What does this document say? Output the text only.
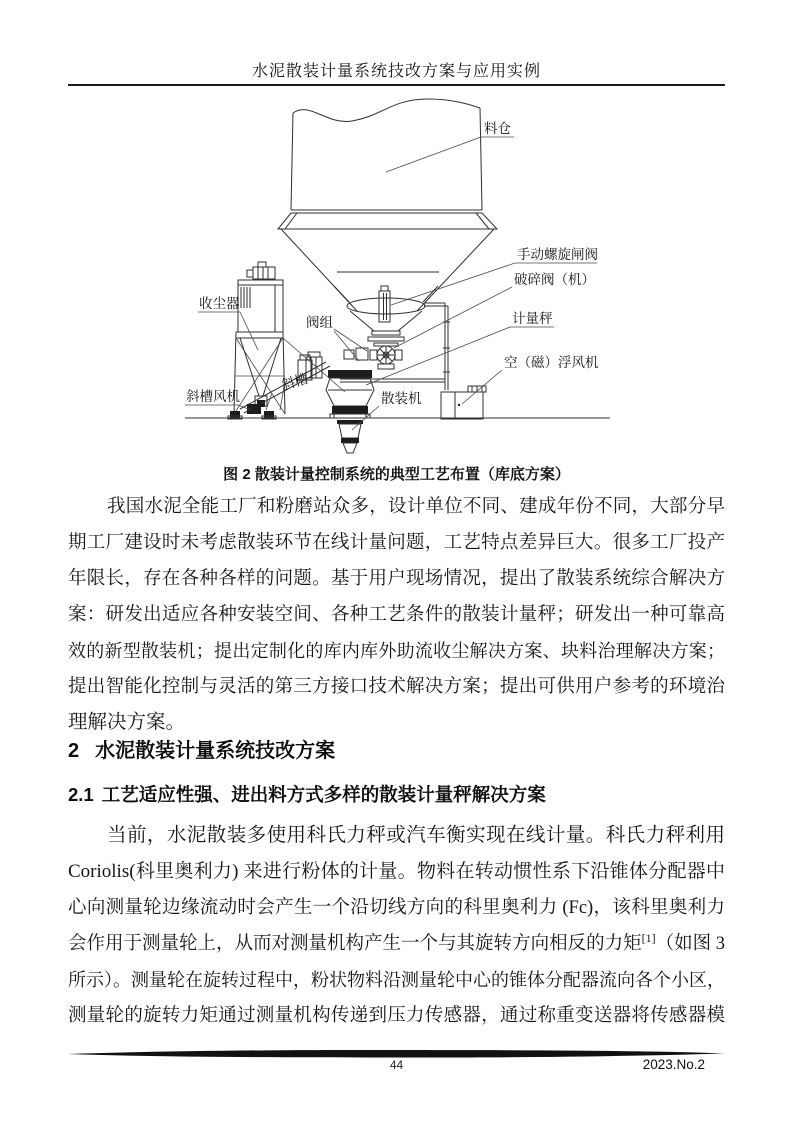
水泥散装计量系统技改方案与应用实例
料仓
手动螺旋闸阀
破碎阀（机）
计量秤
空（磁）浮风机
收尘器
阀组
斜槽风机
斜槽
散装机
图 2 散装计量控制系统的典型工艺布置（库底方案）
我国水泥全能工厂和粉磨站众多，设计单位不同、建成年份不同，大部分早
期工厂建设时未考虑散装环节在线计量问题，工艺特点差异巨大。很多工厂投产
年限长，存在各种各样的问题。基于用户现场情况，提出了散装系统综合解决方
案：研发出适应各种安装空间、各种工艺条件的散装计量秤；研发出一种可靠高
效的新型散装机；提出定制化的库内库外助流收尘解决方案、块料治理解决方案；
提出智能化控制与灵活的第三方接口技术解决方案；提出可供用户参考的环境治
理解决方案。
2 水泥散装计量系统技改方案
2.1 工艺适应性强、进出料方式多样的散装计量秤解决方案
当前，水泥散装多使用科氏力秤或汽车衡实现在线计量。科氏力秤利用
Coriolis(科里奥利力) 来进行粉体的计量。物料在转动惯性系下沿锥体分配器中
心向测量轮边缘流动时会产生一个沿切线方向的科里奥利力 (Fc)，该科里奥利力
会作用于测量轮上，从而对测量机构产生一个与其旋转方向相反的力矩[1]（如图 3
所示）。测量轮在旋转过程中，粉状物料沿测量轮中心的锥体分配器流向各个小区，
测量轮的旋转力矩通过测量机构传递到压力传感器，通过称重变送器将传感器模
44	2023.No.2
